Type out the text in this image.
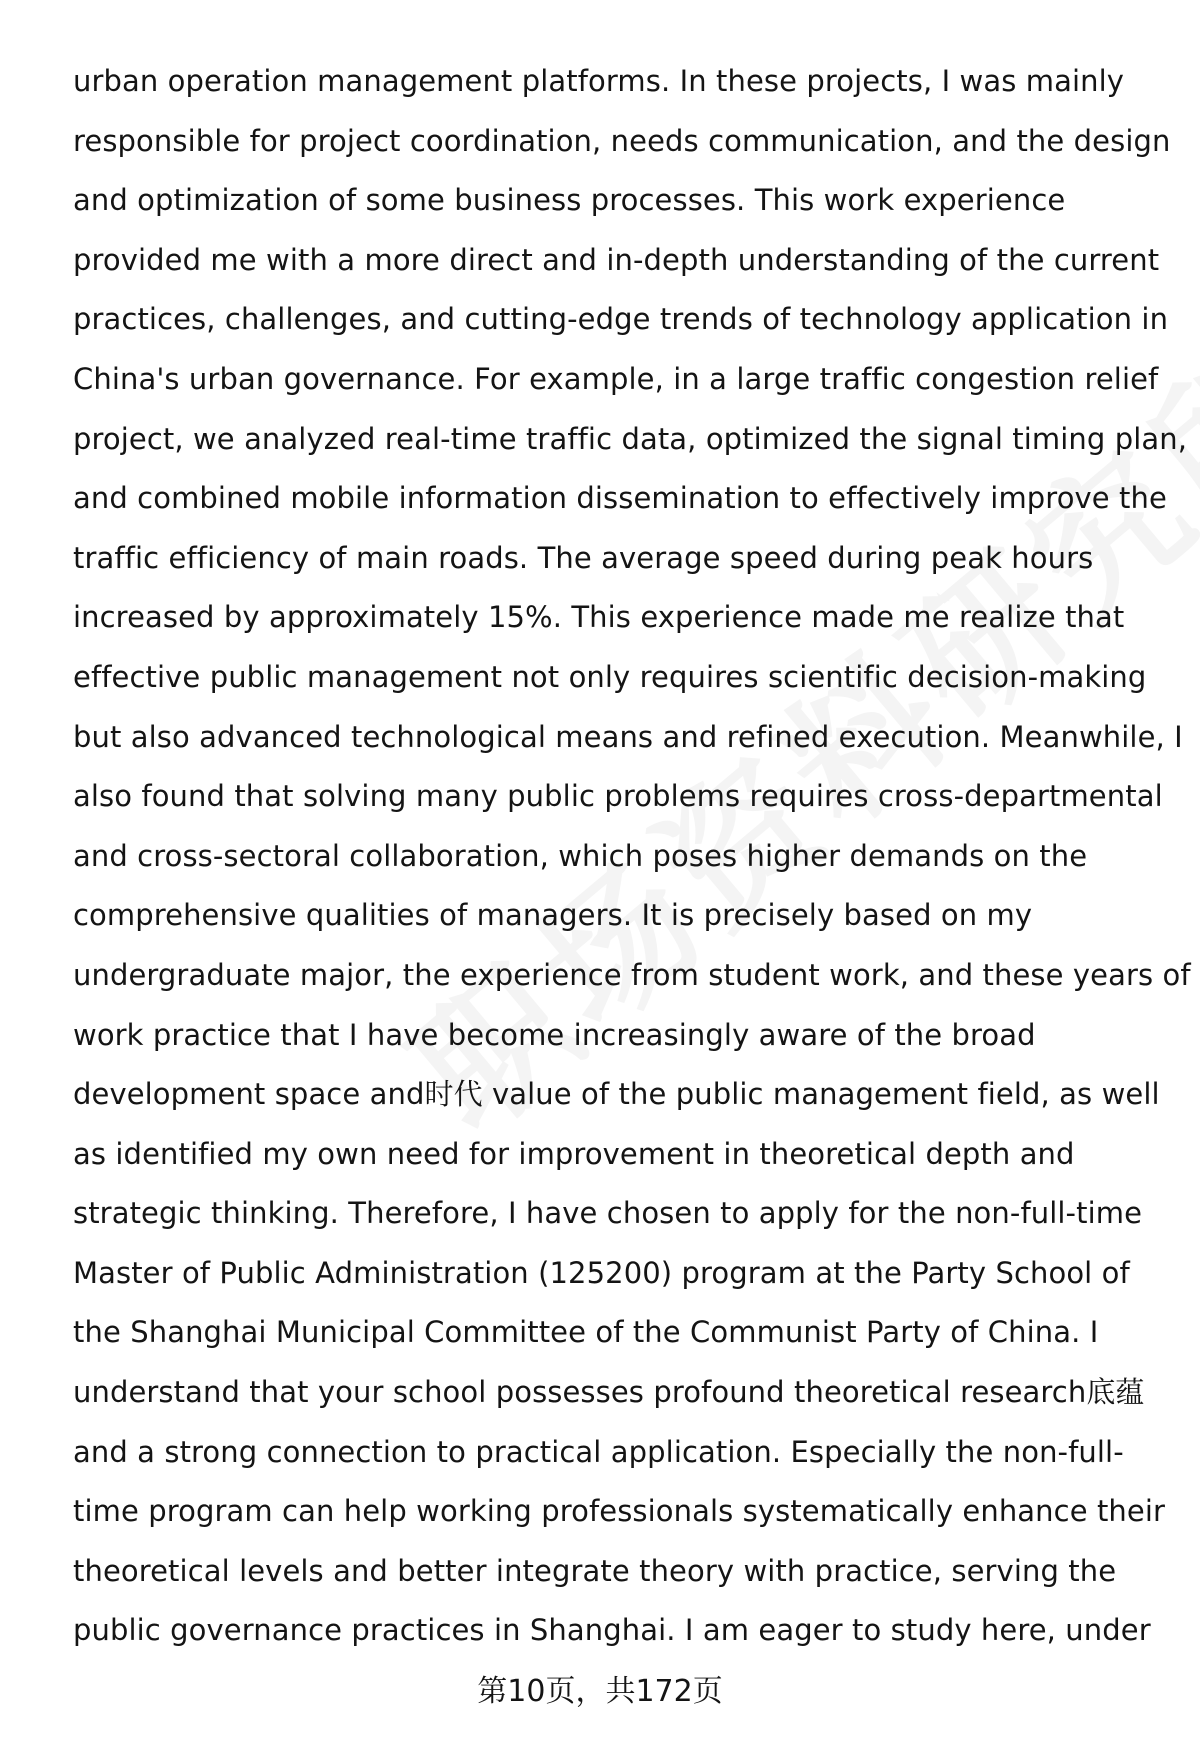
urban operation management platforms. In these projects, I was mainly
responsible for project coordination, needs communication, and the design
and optimization of some business processes. This work experience
provided me with a more direct and in-depth understanding of the current
practices, challenges, and cutting-edge trends of technology application in
China's urban governance. For example, in a large traffic congestion relief
project, we analyzed real-time traffic data, optimized the signal timing plan,
and combined mobile information dissemination to effectively improve the
traffic efficiency of main roads. The average speed during peak hours
increased by approximately 15%. This experience made me realize that
effective public management not only requires scientific decision-making
but also advanced technological means and refined execution. Meanwhile, I
also found that solving many public problems requires cross-departmental
and cross-sectoral collaboration, which poses higher demands on the
comprehensive qualities of managers. It is precisely based on my
undergraduate major, the experience from student work, and these years of
work practice that I have become increasingly aware of the broad
development space and时代 value of the public management field, as well
as identified my own need for improvement in theoretical depth and
strategic thinking. Therefore, I have chosen to apply for the non-full-time
Master of Public Administration (125200) program at the Party School of
the Shanghai Municipal Committee of the Communist Party of China. I
understand that your school possesses profound theoretical research底蕴
and a strong connection to practical application. Especially the non-full-
time program can help working professionals systematically enhance their
theoretical levels and better integrate theory with practice, serving the
public governance practices in Shanghai. I am eager to study here, under
第10页，共172页
